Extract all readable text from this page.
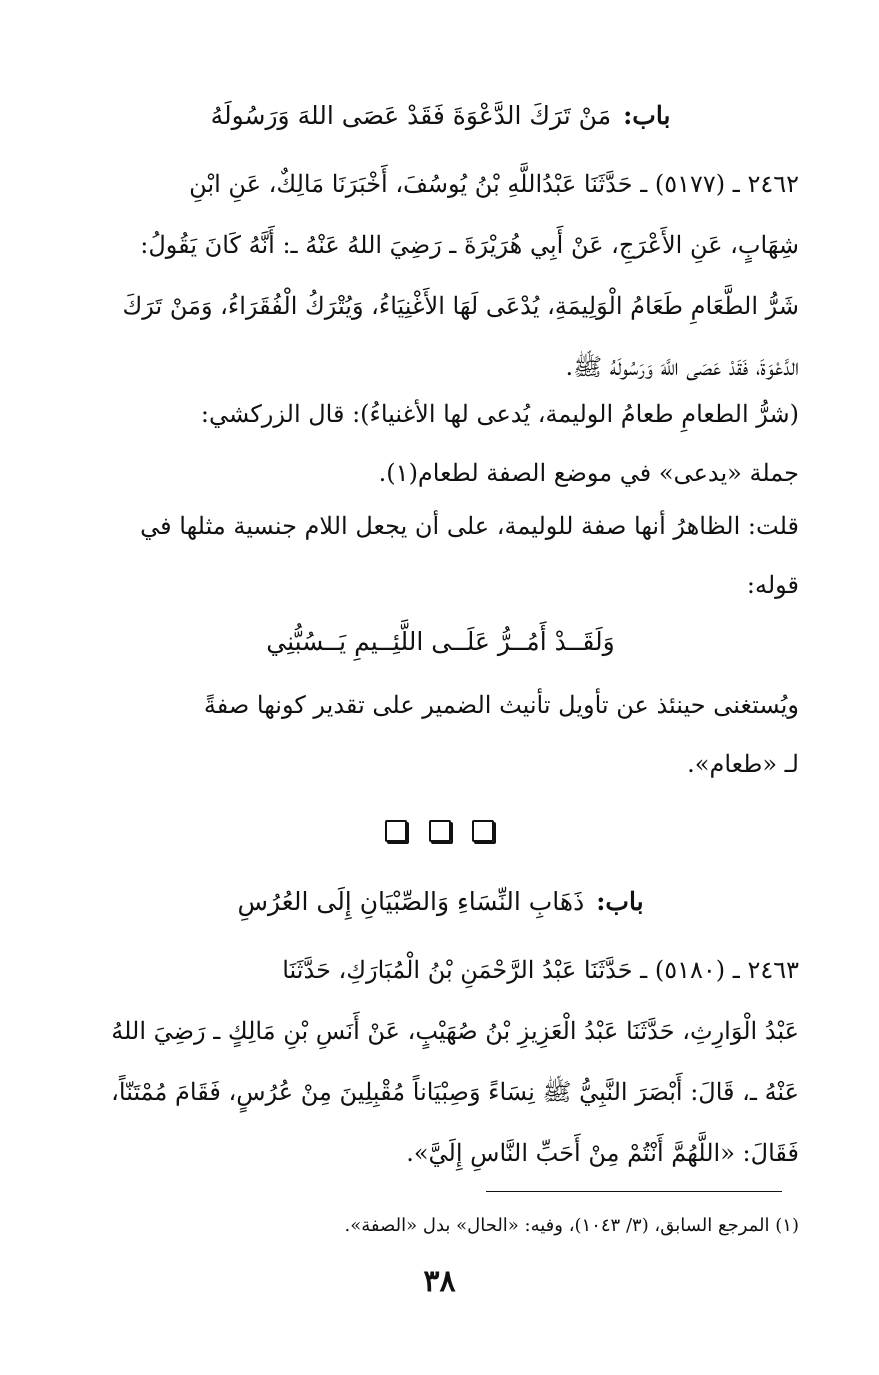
باب: مَنْ تَرَكَ الدَّعْوَةَ فَقَدْ عَصَى اللهَ وَرَسُولَهُ

٢٤٦٢ ـ (٥١٧٧) ـ حَدَّثَنَا عَبْدُاللَّهِ بْنُ يُوسُفَ، أَخْبَرَنَا مَالِكٌ، عَنِ ابْنِ

شِهَابٍ، عَنِ الأَعْرَجِ، عَنْ أَبِي هُرَيْرَةَ ـ رَضِيَ اللهُ عَنْهُ ـ: أَنَّهُ كَانَ يَقُولُ:

شَرُّ الطَّعَامِ طَعَامُ الْوَلِيمَةِ، يُدْعَى لَهَا الأَغْنِيَاءُ، وَيُتْرَكُ الْفُقَرَاءُ، وَمَنْ تَرَكَ

الدَّعْوَةَ، فَقَدْ عَصَى اللَّهَ وَرَسُولَهُ ﷺ.

(شرُّ الطعامِ طعامُ الوليمة، يُدعى لها الأغنياءُ): قال الزركشي:

جملة «يدعى» في موضع الصفة لطعام(١).

قلت: الظاهرُ أنها صفة للوليمة، على أن يجعل اللام جنسية مثلها في

قوله:

وَلَقَــدْ أَمُــرُّ عَلَــى اللَّئِــيمِ يَــسُبُّنِي

ويُستغنى حينئذ عن تأويل تأنيث الضمير على تقدير كونها صفةً

لـ «طعام».

باب: ذَهَابِ النِّسَاءِ وَالصِّبْيَانِ إِلَى العُرُسِ

٢٤٦٣ ـ (٥١٨٠) ـ حَدَّثَنَا عَبْدُ الرَّحْمَنِ بْنُ الْمُبَارَكِ، حَدَّثَنَا

عَبْدُ الْوَارِثِ، حَدَّثَنَا عَبْدُ الْعَزِيزِ بْنُ صُهَيْبٍ، عَنْ أَنَسِ بْنِ مَالِكٍ ـ رَضِيَ اللهُ

عَنْهُ ـ، قَالَ: أَبْصَرَ النَّبِيُّ ﷺ نِسَاءً وَصِبْيَاناً مُقْبِلِينَ مِنْ عُرُسٍ، فَقَامَ مُمْتَنّاً،

فَقَالَ: «اللَّهُمَّ أَنْتُمْ مِنْ أَحَبِّ النَّاسِ إِلَيَّ».

(١) المرجع السابق، (٣/ ١٠٤٣)، وفيه: «الحال» بدل «الصفة».
٣٨
